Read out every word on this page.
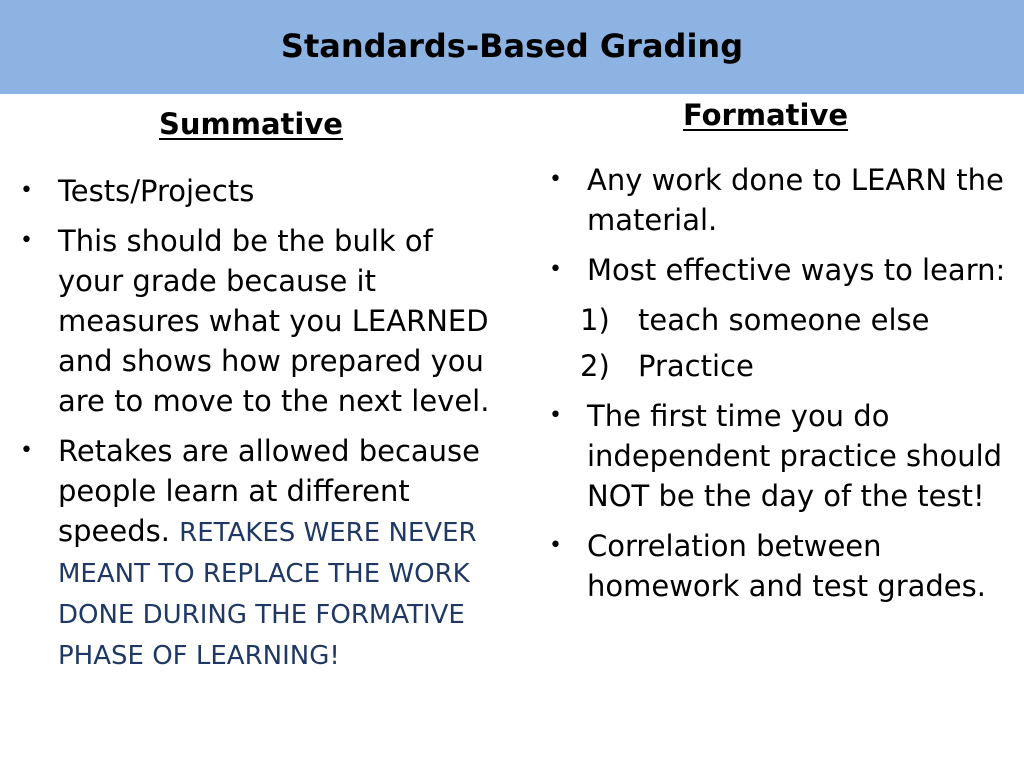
Standards-Based Grading
Summative	Formative
• Tests/Projects
• This should be the bulk of your grade because it measures what you LEARNED and shows how prepared you are to move to the next level.
• Retakes are allowed because people learn at different speeds. RETAKES WERE NEVER MEANT TO REPLACE THE WORK DONE DURING THE FORMATIVE PHASE OF LEARNING!
• Any work done to LEARN the material.
• Most effective ways to learn:
1) teach someone else
2) Practice
• The first time you do independent practice should NOT be the day of the test!
• Correlation between homework and test grades.
